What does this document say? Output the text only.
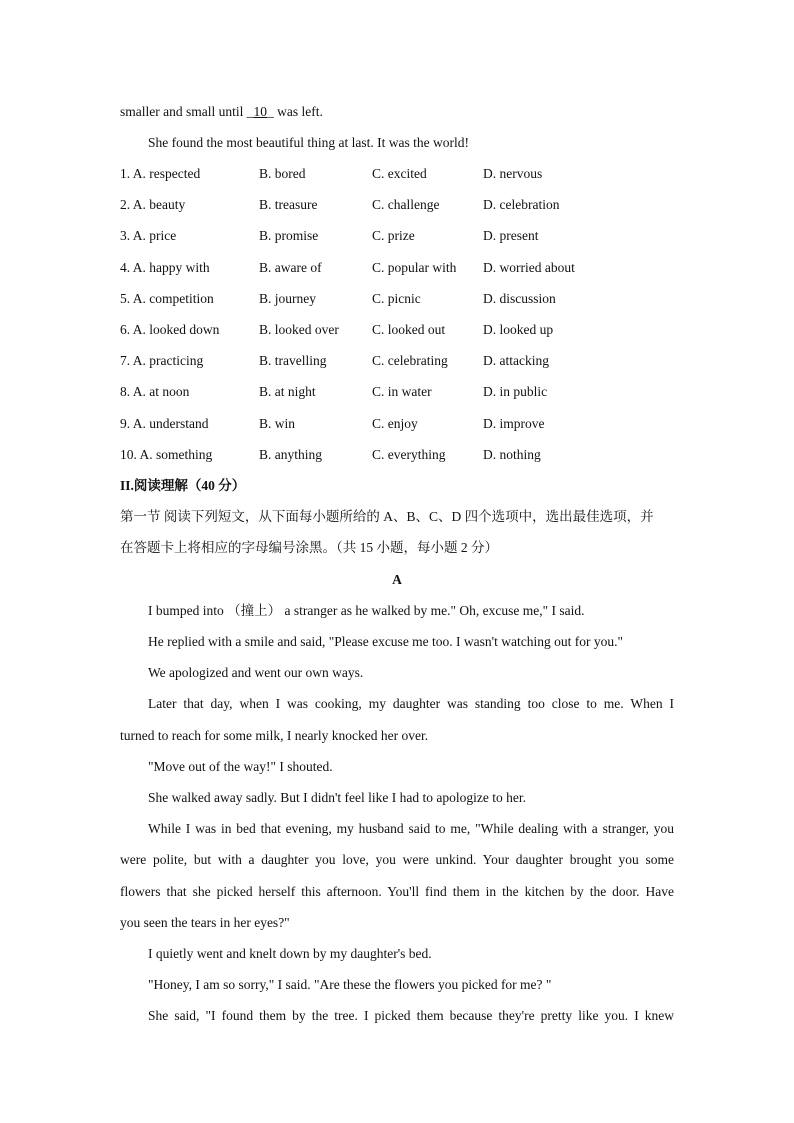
smaller and small until _10_ was left.
She found the most beautiful thing at last. It was the world!
1. A. respected	B. bored	C. excited	D. nervous
2. A. beauty	B. treasure	C. challenge	D. celebration
3. A. price	B. promise	C. prize	D. present
4. A. happy with	B. aware of	C. popular with D. worried about
5. A. competition	B. journey	C. picnic	D. discussion
6. A. looked down	B. looked over C. looked out	D. looked up
7. A. practicing	B. travelling	C. celebrating	D. attacking
8. A. at noon	B. at night	C. in water	D. in public
9. A. understand	B. win	C. enjoy	D. improve
10. A. something	B. anything	C. everything	D. nothing
II.阅读理解（40 分）
第一节 阅读下列短文，从下面每小题所给的 A、B、C、D 四个选项中，选出最佳选项，并
在答题卡上将相应的字母编号涂黑。（共 15 小题，每小题 2 分）
A
I bumped into （撞上） a stranger as he walked by me." Oh, excuse me," I said.
He replied with a smile and said, "Please excuse me too. I wasn't watching out for you."
We apologized and went our own ways.
Later that day, when I was cooking, my daughter was standing too close to me. When I
turned to reach for some milk, I nearly knocked her over.
"Move out of the way!" I shouted.
She walked away sadly. But I didn't feel like I had to apologize to her.
While I was in bed that evening, my husband said to me, "While dealing with a stranger, you
were polite, but with a daughter you love, you were unkind. Your daughter brought you some
flowers that she picked herself this afternoon. You'll find them in the kitchen by the door. Have
you seen the tears in her eyes?"
I quietly went and knelt down by my daughter's bed.
"Honey, I am so sorry," I said. "Are these the flowers you picked for me? "
She said, "I found them by the tree. I picked them because they're pretty like you. I knew
